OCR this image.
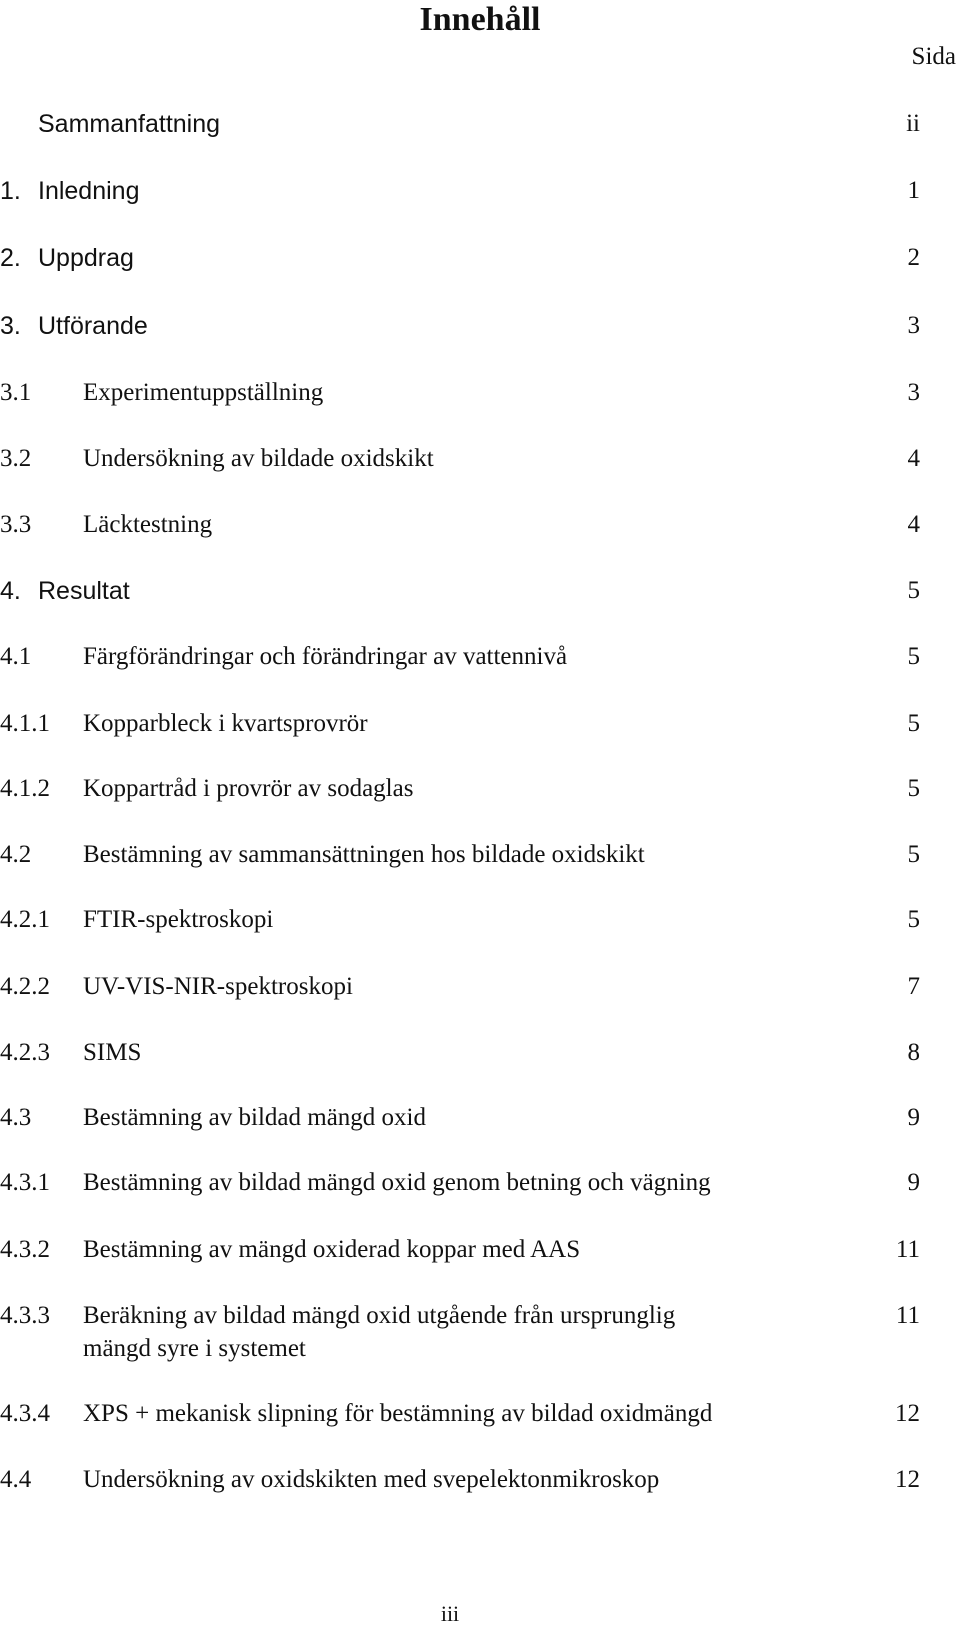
Innehåll
Sida
Sammanfattning	ii
1. Inledning	1
2. Uppdrag	2
3. Utförande	3
3.1 Experimentuppställning	3
3.2 Undersökning av bildade oxidskikt	4
3.3 Läcktestning	4
4. Resultat	5
4.1 Färgförändringar och förändringar av vattennivå	5
4.1.1 Kopparbleck i kvartsprovrör	5
4.1.2 Koppartråd i provrör av sodaglas	5
4.2 Bestämning av sammansättningen hos bildade oxidskikt	5
4.2.1 FTIR-spektroskopi	5
4.2.2 UV-VIS-NIR-spektroskopi	7
4.2.3 SIMS	8
4.3 Bestämning av bildad mängd oxid	9
4.3.1 Bestämning av bildad mängd oxid genom betning och vägning	9
4.3.2 Bestämning av mängd oxiderad koppar med AAS	11
4.3.3 Beräkning av bildad mängd oxid utgående från ursprunglig	11
mängd syre i systemet
4.3.4 XPS + mekanisk slipning för bestämning av bildad oxidmängd	12
4.4 Undersökning av oxidskikten med svepelektonmikroskop	12
iii
